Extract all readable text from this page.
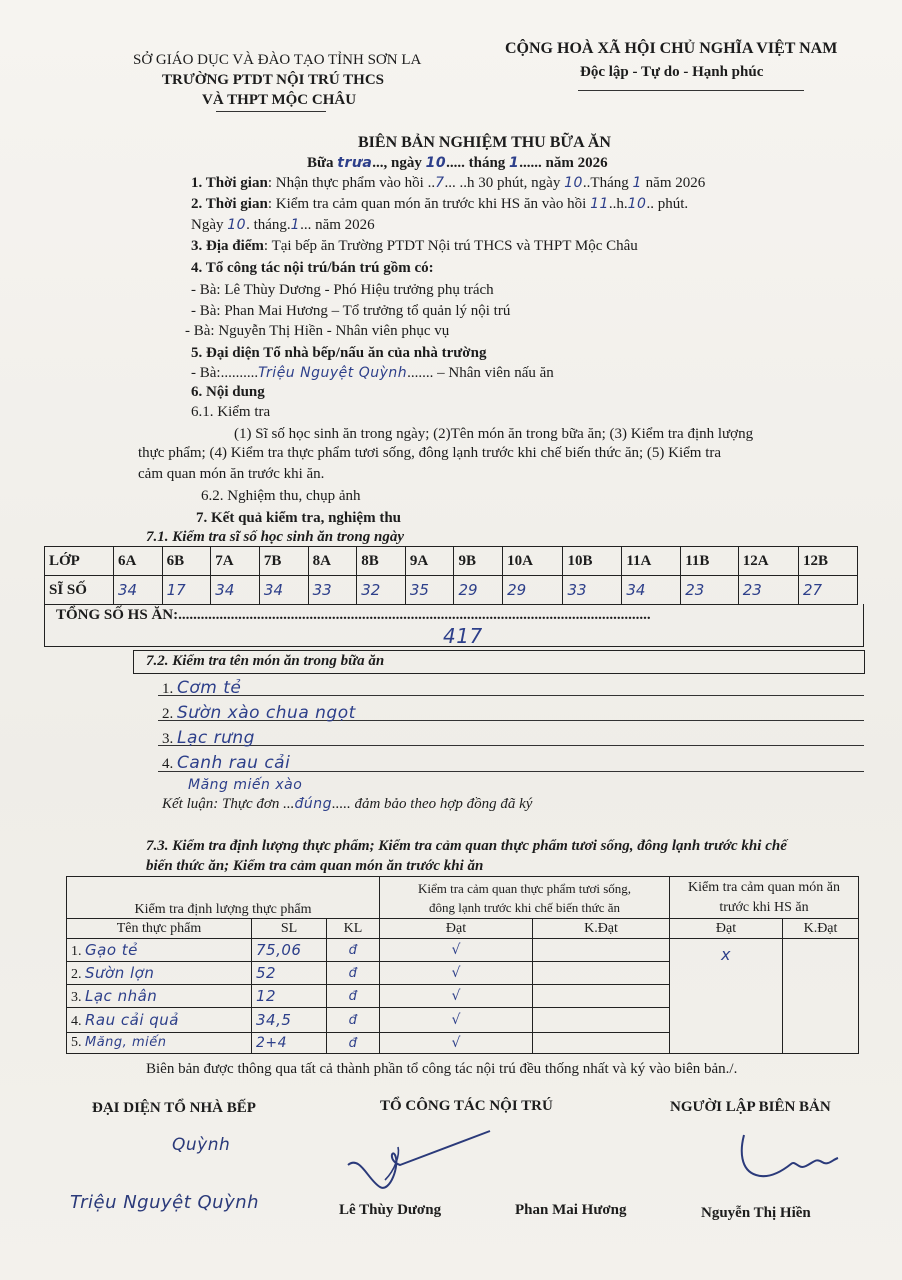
SỞ GIÁO DỤC VÀ ĐÀO TẠO TỈNH SƠN LA
TRƯỜNG PTDT NỘI TRÚ THCS
VÀ THPT MỘC CHÂU
CỘNG HOÀ XÃ HỘI CHỦ NGHĨA VIỆT NAM
Độc lập - Tự do - Hạnh phúc
BIÊN BẢN NGHIỆM THU BỮA ĂN
Bữa trưa..., ngày 10..... tháng 1...... năm 2026
1. Thời gian: Nhận thực phẩm vào hồi ..7... ..h 30 phút, ngày 10..Tháng 1 năm 2026
2. Thời gian: Kiểm tra cảm quan món ăn trước khi HS ăn vào hồi 11..h.10.. phút.
Ngày 10. tháng.1... năm 2026
3. Địa điểm: Tại bếp ăn Trường PTDT Nội trú THCS và THPT Mộc Châu
4. Tổ công tác nội trú/bán trú gồm có:
- Bà: Lê Thùy Dương - Phó Hiệu trưởng phụ trách
- Bà: Phan Mai Hương – Tổ trưởng tổ quản lý nội trú
- Bà: Nguyễn Thị Hiền - Nhân viên phục vụ
5. Đại diện Tổ nhà bếp/nấu ăn của nhà trường
- Bà:..........Triệu Nguyệt Quỳnh....... – Nhân viên nấu ăn
6. Nội dung
6.1. Kiểm tra
(1) Sĩ số học sinh ăn trong ngày; (2)Tên món ăn trong bữa ăn; (3) Kiểm tra định lượng
thực phẩm; (4) Kiểm tra thực phẩm tươi sống, đông lạnh trước khi chế biến thức ăn; (5) Kiểm tra
cảm quan món ăn trước khi ăn.
6.2. Nghiệm thu, chụp ảnh
7. Kết quả kiểm tra, nghiệm thu
7.1. Kiểm tra sĩ số học sinh ăn trong ngày
LỚP	6A	6B	7A	7B	8A	8B	9A	9B	10A	10B	11A	11B	12A	12B
SĨ SỐ	34	17	34	34	33	32	35	29	29	33	34	23	23	27
TỔNG SỐ HS ĂN:..............................................................................................................................
417
7.2. Kiểm tra tên món ăn trong bữa ăn
1. Cơm tẻ
2. Sườn xào chua ngọt
3. Lạc rưng
4. Canh rau cải
Măng miến xào
Kết luận: Thực đơn ...đúng..... đảm bảo theo hợp đồng đã ký
7.3. Kiểm tra định lượng thực phẩm; Kiểm tra cảm quan thực phẩm tươi sống, đông lạnh trước khi chế
biến thức ăn; Kiểm tra cảm quan món ăn trước khi ăn
Kiểm tra định lượng thực phẩm			Kiểm tra cảm quan thực phẩm tươi sống,
đông lạnh trước khi chế biến thức ăn		Kiểm tra cảm quan món ăn
trước khi HS ăn	
Tên thực phẩm	SL	KL	Đạt	K.Đạt	Đạt	K.Đạt
1. Gạo tẻ	75,06	đ	√		x	
2. Sườn lợn	52	đ	√			
3. Lạc nhân	12	đ	√			
4. Rau cải quả	34,5	đ	√			
5. Măng, miến	2+4	đ	√			
Biên bản được thông qua tất cả thành phần tổ công tác nội trú đều thống nhất và ký vào biên bản./.
ĐẠI DIỆN TỔ NHÀ BẾP	TỔ CÔNG TÁC NỘI TRÚ	NGƯỜI LẬP BIÊN BẢN
Quỳnh
Triệu Nguyệt Quỳnh	Lê Thùy Dương	Phan Mai Hương	Nguyễn Thị Hiền
